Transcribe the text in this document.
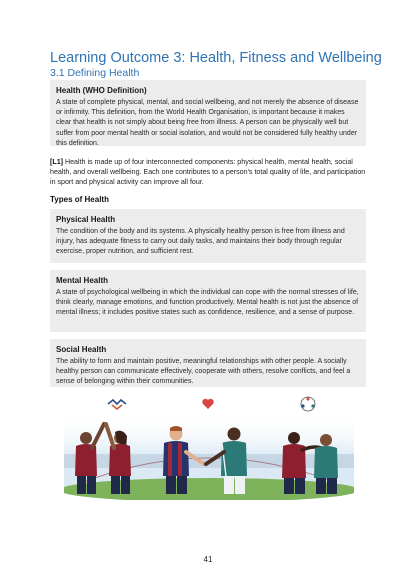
Learning Outcome 3: Health, Fitness and Wellbeing
3.1 Defining Health
Health (WHO Definition)
A state of complete physical, mental, and social wellbeing, and not merely the absence of disease or infirmity. This definition, from the World Health Organisation, is important because it makes clear that health is not simply about being free from illness. A person can be physically well but suffer from poor mental health or social isolation, and would not be considered fully healthy under this definition.
[L1] Health is made up of four interconnected components: physical health, mental health, social health, and overall wellbeing. Each one contributes to a person's total quality of life, and participation in sport and physical activity can improve all four.
Types of Health
Physical Health
The condition of the body and its systems. A physically healthy person is free from illness and injury, has adequate fitness to carry out daily tasks, and maintains their body through regular exercise, proper nutrition, and sufficient rest.
Mental Health
A state of psychological wellbeing in which the individual can cope with the normal stresses of life, think clearly, manage emotions, and function productively. Mental health is not just the absence of mental illness; it includes positive states such as confidence, resilience, and a sense of purpose.
Social Health
The ability to form and maintain positive, meaningful relationships with other people. A socially healthy person can communicate effectively, cooperate with others, resolve conflicts, and feel a sense of belonging within their communities.
41
